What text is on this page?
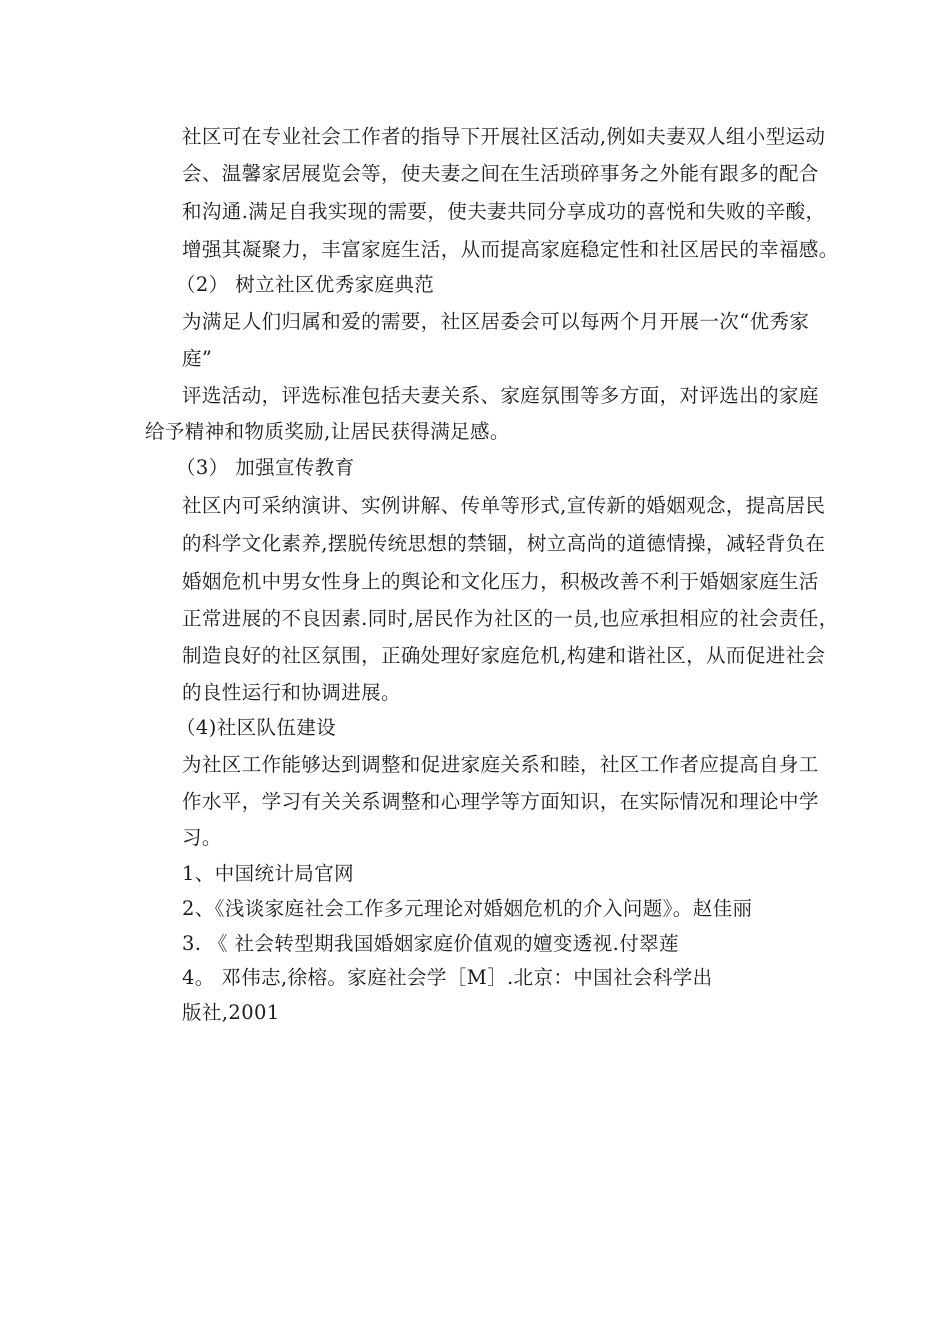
社区可在专业社会工作者的指导下开展社区活动,例如夫妻双人组小型运动
会、温馨家居展览会等，使夫妻之间在生活琐碎事务之外能有跟多的配合
和沟通.满足自我实现的需要，使夫妻共同分享成功的喜悦和失败的辛酸，
增强其凝聚力，丰富家庭生活，从而提高家庭稳定性和社区居民的幸福感。
（2） 树立社区优秀家庭典范
为满足人们归属和爱的需要，社区居委会可以每两个月开展一次“优秀家
庭”
评选活动，评选标准包括夫妻关系、家庭氛围等多方面，对评选出的家庭
给予精神和物质奖励,让居民获得满足感。
（3） 加强宣传教育
社区内可采纳演讲、实例讲解、传单等形式,宣传新的婚姻观念，提高居民
的科学文化素养,摆脱传统思想的禁锢，树立高尚的道德情操，减轻背负在
婚姻危机中男女性身上的舆论和文化压力，积极改善不利于婚姻家庭生活
正常进展的不良因素.同时,居民作为社区的一员,也应承担相应的社会责任，
制造良好的社区氛围，正确处理好家庭危机,构建和谐社区，从而促进社会
的良性运行和协调进展。
（4)社区队伍建设
为社区工作能够达到调整和促进家庭关系和睦，社区工作者应提高自身工
作水平，学习有关关系调整和心理学等方面知识，在实际情况和理论中学
习。
1、中国统计局官网
2、《浅谈家庭社会工作多元理论对婚姻危机的介入问题》。赵佳丽
3. 《 社会转型期我国婚姻家庭价值观的嬗变透视.付翠莲
4。 邓伟志,徐榕。家庭社会学［M］.北京：中国社会科学出
版社,2001
